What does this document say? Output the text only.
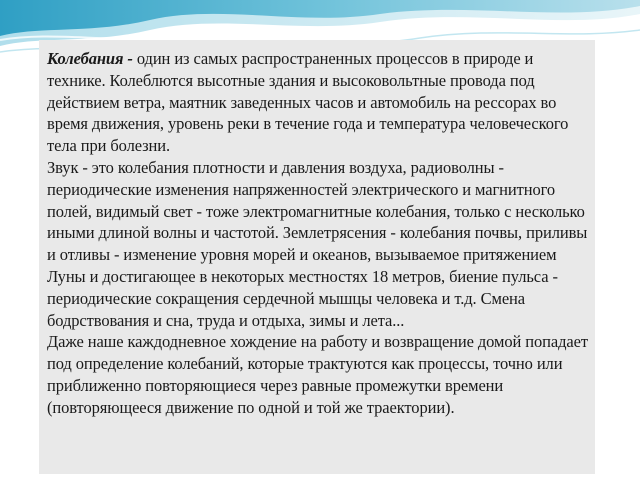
Колебания - один из самых распространенных процессов в природе и технике. Колеблются высотные здания и высоковольтные провода под действием ветра, маятник заведенных часов и автомобиль на рессорах во время движения, уровень реки в течение года и температура человеческого тела при болезни.

Звук - это колебания плотности и давления воздуха, радиоволны - периодические изменения напряженностей электрического и магнитного полей, видимый свет - тоже электромагнитные колебания, только с несколько иными длиной волны и частотой. Землетрясения - колебания почвы, приливы и отливы - изменение уровня морей и океанов, вызываемое притяжением Луны и достигающее в некоторых местностях 18 метров, биение пульса - периодические сокращения сердечной мышцы человека и т.д. Смена бодрствования и сна, труда и отдыха, зимы и лета...

Даже наше каждодневное хождение на работу и возвращение домой попадает под определение колебаний, которые трактуются как процессы, точно или приближенно повторяющиеся через равные промежутки времени (повторяющееся движение по одной и той же траектории).
